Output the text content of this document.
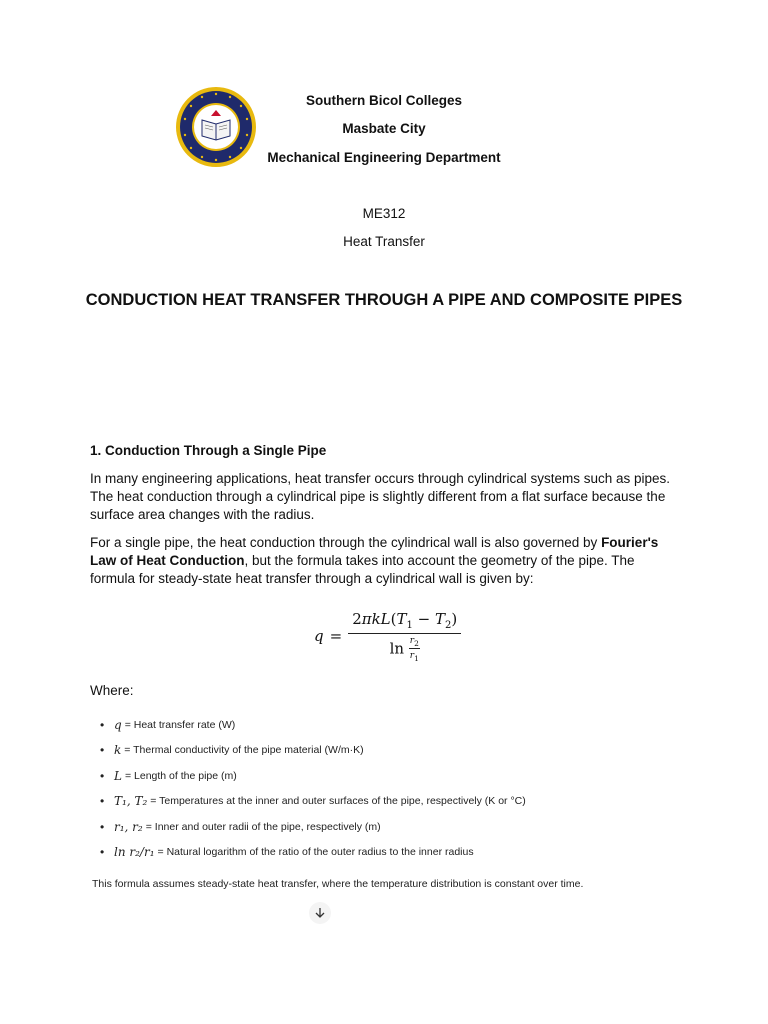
Southern Bicol Colleges
Masbate City
Mechanical Engineering Department
ME312
Heat Transfer
CONDUCTION HEAT TRANSFER THROUGH A PIPE AND COMPOSITE PIPES
1. Conduction Through a Single Pipe
In many engineering applications, heat transfer occurs through cylindrical systems such as pipes. The heat conduction through a cylindrical pipe is slightly different from a flat surface because the surface area changes with the radius.
For a single pipe, the heat conduction through the cylindrical wall is also governed by Fourier's Law of Heat Conduction, but the formula takes into account the geometry of the pipe. The formula for steady-state heat transfer through a cylindrical wall is given by:
$q = \frac{2\pi kL(T_1 - T_2)}{\ln \frac{r_2}{r_1}}$
Where:
• q = Heat transfer rate (W)
• k = Thermal conductivity of the pipe material (W/m·K)
• L = Length of the pipe (m)
• T₁, T₂ = Temperatures at the inner and outer surfaces of the pipe, respectively (K or °C)
• r₁, r₂ = Inner and outer radii of the pipe, respectively (m)
• ln r₂/r₁ = Natural logarithm of the ratio of the outer radius to the inner radius
This formula assumes steady-state heat transfer, where the temperature distribution is constant over time.
